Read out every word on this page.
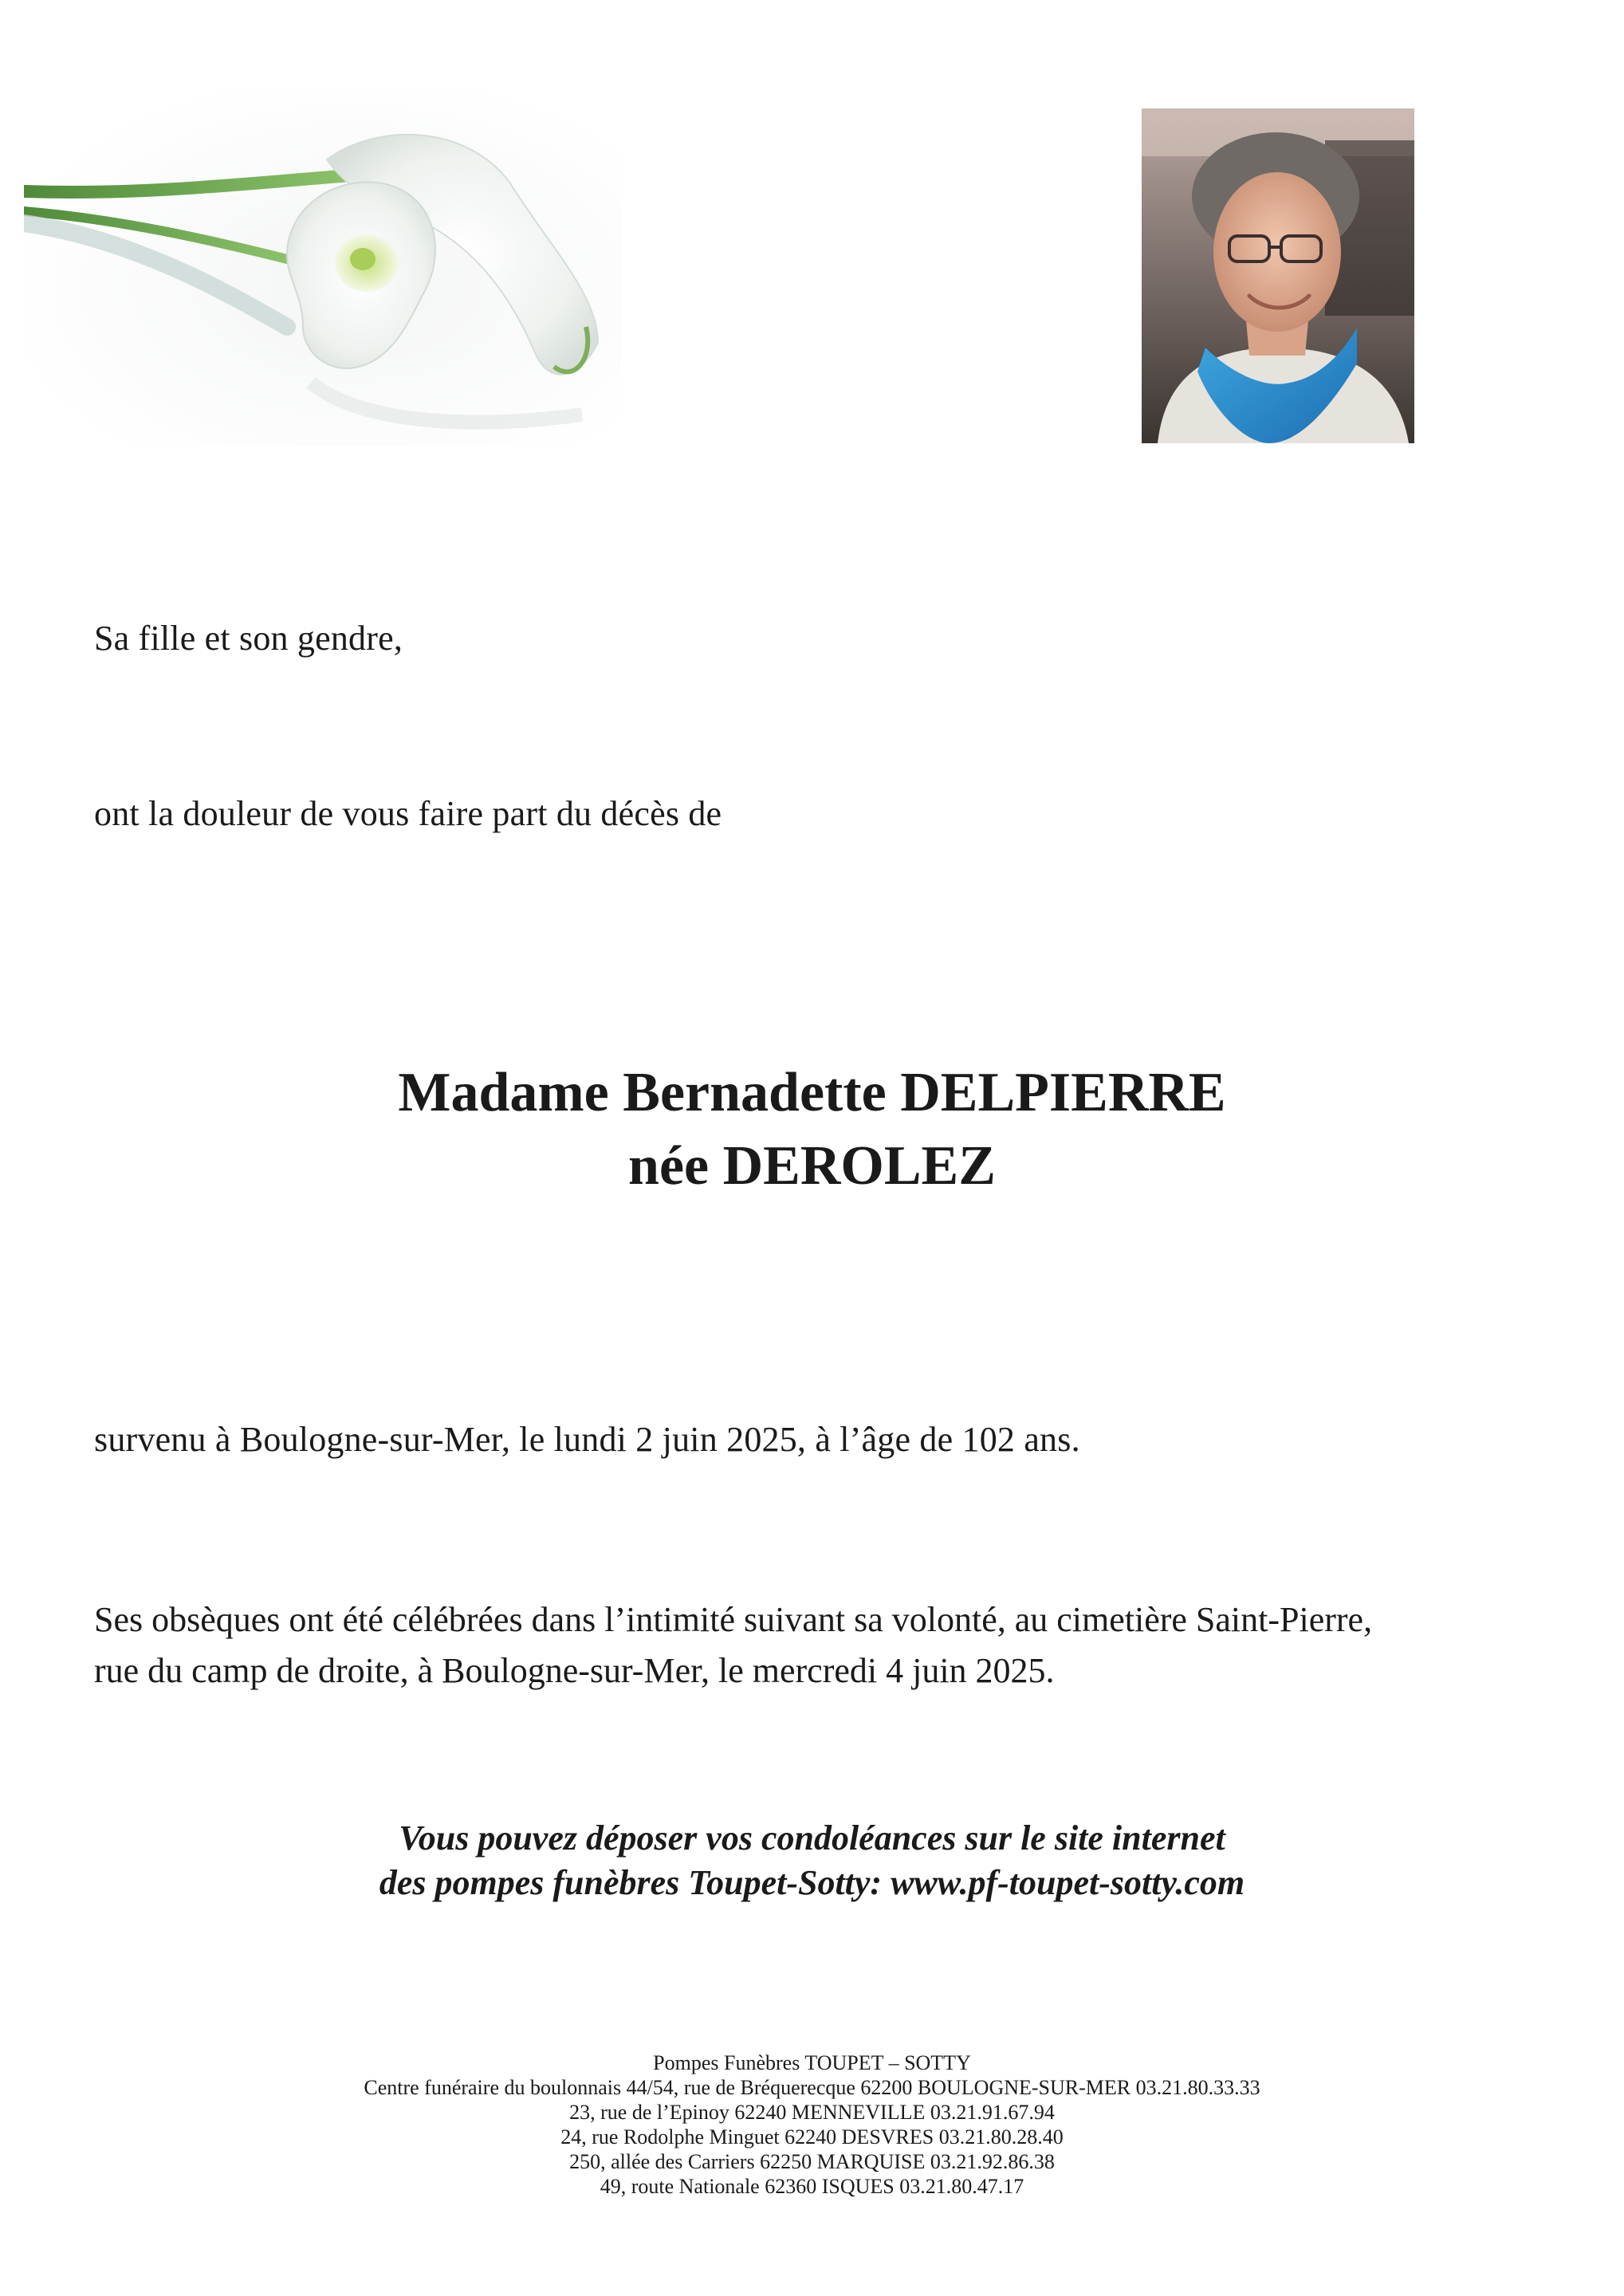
Sa fille et son gendre,
ont la douleur de vous faire part du décès de
Madame Bernadette DELPIERRE
née DEROLEZ
survenu à Boulogne-sur-Mer, le lundi 2 juin 2025, à l’âge de 102 ans.
Ses obsèques ont été célébrées dans l’intimité suivant sa volonté, au cimetière Saint-Pierre,
rue du camp de droite, à Boulogne-sur-Mer, le mercredi 4 juin 2025.
Vous pouvez déposer vos condoléances sur le site internet
des pompes funèbres Toupet-Sotty: www.pf-toupet-sotty.com
Pompes Funèbres TOUPET – SOTTY
Centre funéraire du boulonnais 44/54, rue de Bréquerecque 62200 BOULOGNE-SUR-MER 03.21.80.33.33
23, rue de l’Epinoy 62240 MENNEVILLE 03.21.91.67.94
24, rue Rodolphe Minguet 62240 DESVRES 03.21.80.28.40
250, allée des Carriers 62250 MARQUISE 03.21.92.86.38
49, route Nationale 62360 ISQUES 03.21.80.47.17
